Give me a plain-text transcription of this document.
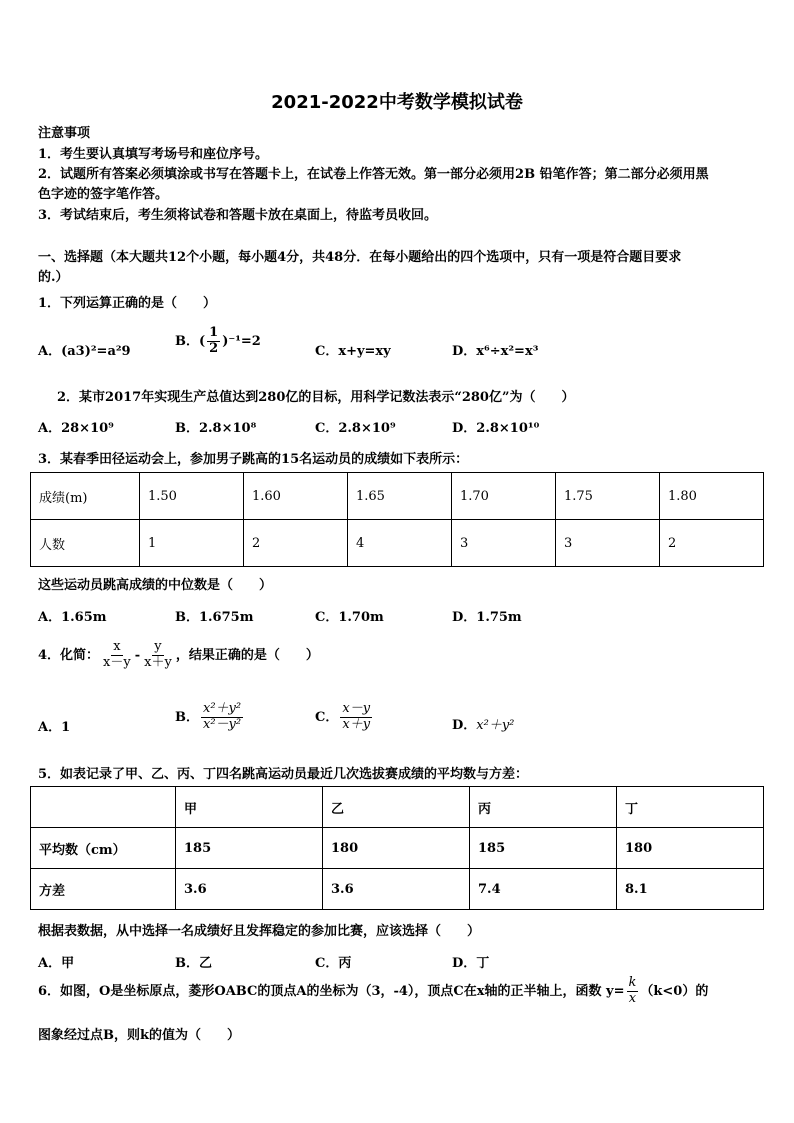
2021-2022中考数学模拟试卷
注意事项
1．考生要认真填写考场号和座位序号。
2．试题所有答案必须填涂或书写在答题卡上，在试卷上作答无效。第一部分必须用2B 铅笔作答；第二部分必须用黑
色字迹的签字笔作答。
3．考试结束后，考生须将试卷和答题卡放在桌面上，待监考员收回。
一、选择题（本大题共12个小题，每小题4分，共48分．在每小题给出的四个选项中，只有一项是符合题目要求
的.）
1．下列运算正确的是（　　）
A．(a3)²=a²9
B．( $\frac{1}{2} )^{-1}=2$
C．x+y=xy	D．x⁶÷x²=x³
2．某市2017年实现生产总值达到280亿的目标，用科学记数法表示“280亿”为（　　）
A．28×10⁹	B．2.8×10⁸	C．2.8×10⁹	D．2.8×10¹⁰
3．某春季田径运动会上，参加男子跳高的15名运动员的成绩如下表所示：
成绩(m)	1.50	1.60	1.65	1.70	1.75	1.80
人数	1	2	4	3	3	2
这些运动员跳高成绩的中位数是（　　）
A．1.65m	B．1.675m	C．1.70m	D．1.75m
4．化简： $\frac{x}{x-y} - \frac{y}{x+y}$ ，结果正确的是（　　）
A．1
B． $\frac{\text{x²＋y²}}{\text{x²－y²}}$	C． $\frac{x-y}{x+y}$	D．x²＋y²
5．如表记录了甲、乙、丙、丁四名跳高运动员最近几次选拔赛成绩的平均数与方差：
	甲	乙	丙	丁
平均数（cm）	185	180	185	180
方差	3.6	3.6	7.4	8.1
根据表数据，从中选择一名成绩好且发挥稳定的参加比赛，应该选择（　　）
A．甲	B．乙	C．丙	D．丁
6．如图，O是坐标原点，菱形OABC的顶点A的坐标为（3，-4），顶点C在x轴的正半轴上，函数 $y= \frac{k}{x} (k<0)$的
图象经过点B，则k的值为（　　）
